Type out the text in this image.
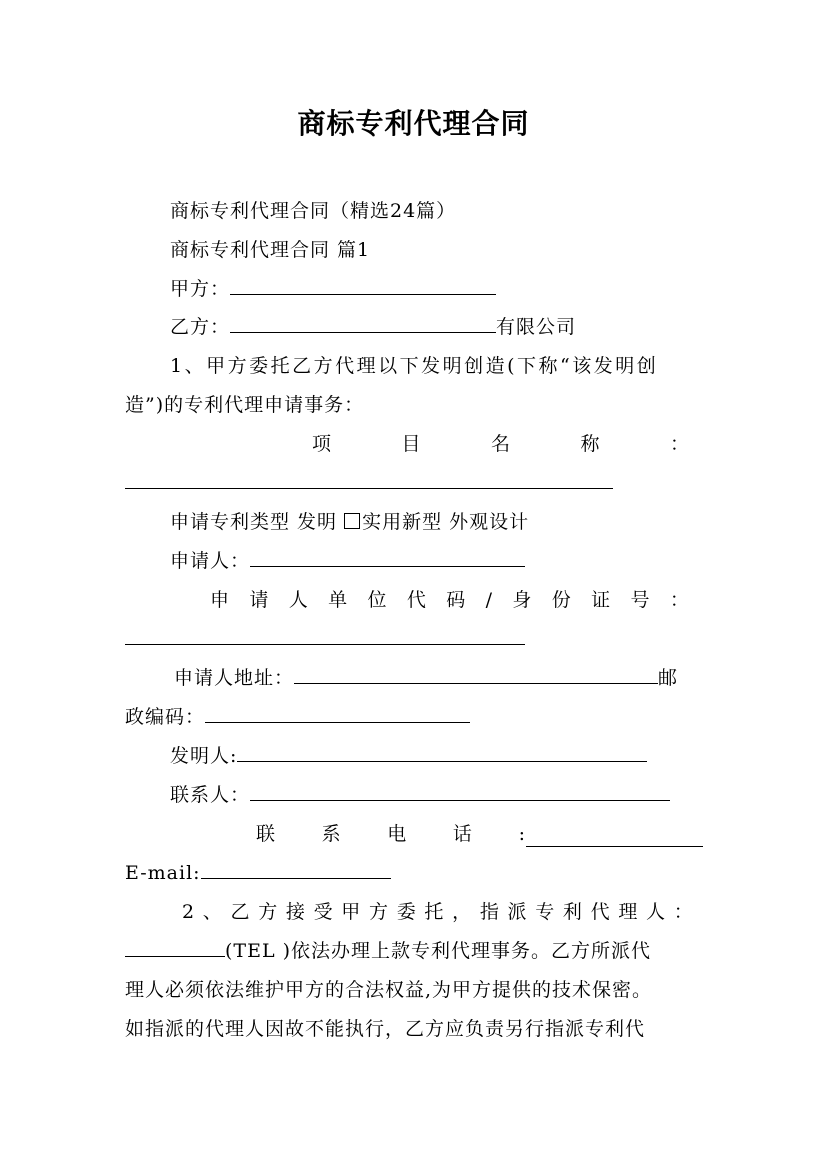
商标专利代理合同
商标专利代理合同（精选24篇）
商标专利代理合同 篇1
甲方：
乙方：	有限公司
1、甲方委托乙方代理以下发明创造(下称“该发明创
造”)的专利代理申请事务：
项	目	名	称	：
申请专利类型 发明 实用新型 外观设计
申请人：
申 请 人 单 位 代 码 / 身 份 证 号 ：
申请人地址：	邮
政编码：
发明人:
联系人：
联 系 电 话 :
E-mail:
2 、 乙 方 接 受 甲 方 委 托 ， 指 派 专 利 代 理 人 ：
(TEL )依法办理上款专利代理事务。乙方所派代
理人必须依法维护甲方的合法权益,为甲方提供的技术保密。
如指派的代理人因故不能执行，乙方应负责另行指派专利代
